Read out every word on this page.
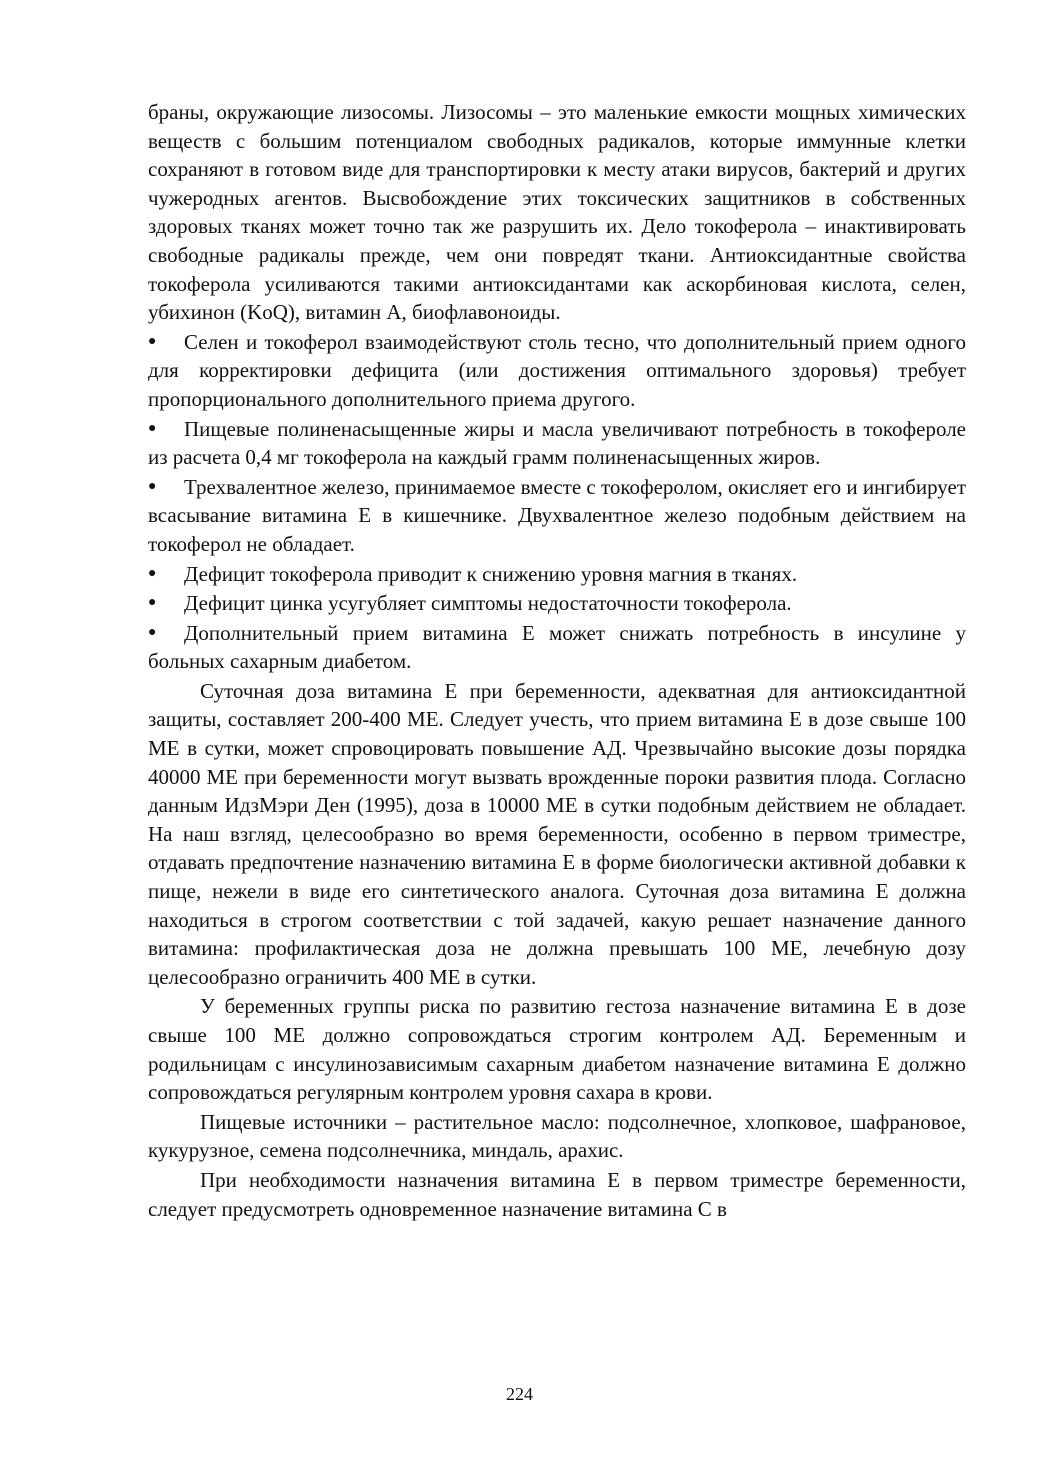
браны, окружающие лизосомы. Лизосомы – это маленькие емкости мощных химических веществ с большим потенциалом свободных радикалов, которые иммунные клетки сохраняют в готовом виде для транспортировки к месту атаки вирусов, бактерий и других чужеродных агентов. Высвобождение этих токсических защитников в собственных здоровых тканях может точно так же разрушить их. Дело токоферола – инактивировать свободные радикалы прежде, чем они повредят ткани. Антиоксидантные свойства токоферола усиливаются такими антиоксидантами как аскорбиновая кислота, селен, убихинон (KoQ), витамин А, биофлавоноиды.

● Селен и токоферол взаимодействуют столь тесно, что дополнительный прием одного для корректировки дефицита (или достижения оптимального здоровья) требует пропорционального дополнительного приема другого.
● Пищевые полиненасыщенные жиры и масла увеличивают потребность в токофероле из расчета 0,4 мг токоферола на каждый грамм полиненасыщенных жиров.
● Трехвалентное железо, принимаемое вместе с токоферолом, окисляет его и ингибирует всасывание витамина Е в кишечнике. Двухвалентное железо подобным действием на токоферол не обладает.
● Дефицит токоферола приводит к снижению уровня магния в тканях.
● Дефицит цинка усугубляет симптомы недостаточности токоферола.
● Дополнительный прием витамина Е может снижать потребность в инсулине у больных сахарным диабетом.

Суточная доза витамина Е при беременности, адекватная для антиоксидантной защиты, составляет 200-400 МЕ. Следует учесть, что прием витамина Е в дозе свыше 100 МЕ в сутки, может спровоцировать повышение АД. Чрезвычайно высокие дозы порядка 40000 МЕ при беременности могут вызвать врожденные пороки развития плода. Согласно данным ИдзМэри Ден (1995), доза в 10000 МЕ в сутки подобным действием не обладает. На наш взгляд, целесообразно во время беременности, особенно в первом триместре, отдавать предпочтение назначению витамина Е в форме биологически активной добавки к пище, нежели в виде его синтетического аналога. Суточная доза витамина Е должна находиться в строгом соответствии с той задачей, какую решает назначение данного витамина: профилактическая доза не должна превышать 100 МЕ, лечебную дозу целесообразно ограничить 400 МЕ в сутки.

У беременных группы риска по развитию гестоза назначение витамина Е в дозе свыше 100 МЕ должно сопровождаться строгим контролем АД. Беременным и родильницам с инсулинозависимым сахарным диабетом назначение витамина Е должно сопровождаться регулярным контролем уровня сахара в крови.

Пищевые источники – растительное масло: подсолнечное, хлопковое, шафрановое, кукурузное, семена подсолнечника, миндаль, арахис.

При необходимости назначения витамина Е в первом триместре беременности, следует предусмотреть одновременное назначение витамина С в

224
